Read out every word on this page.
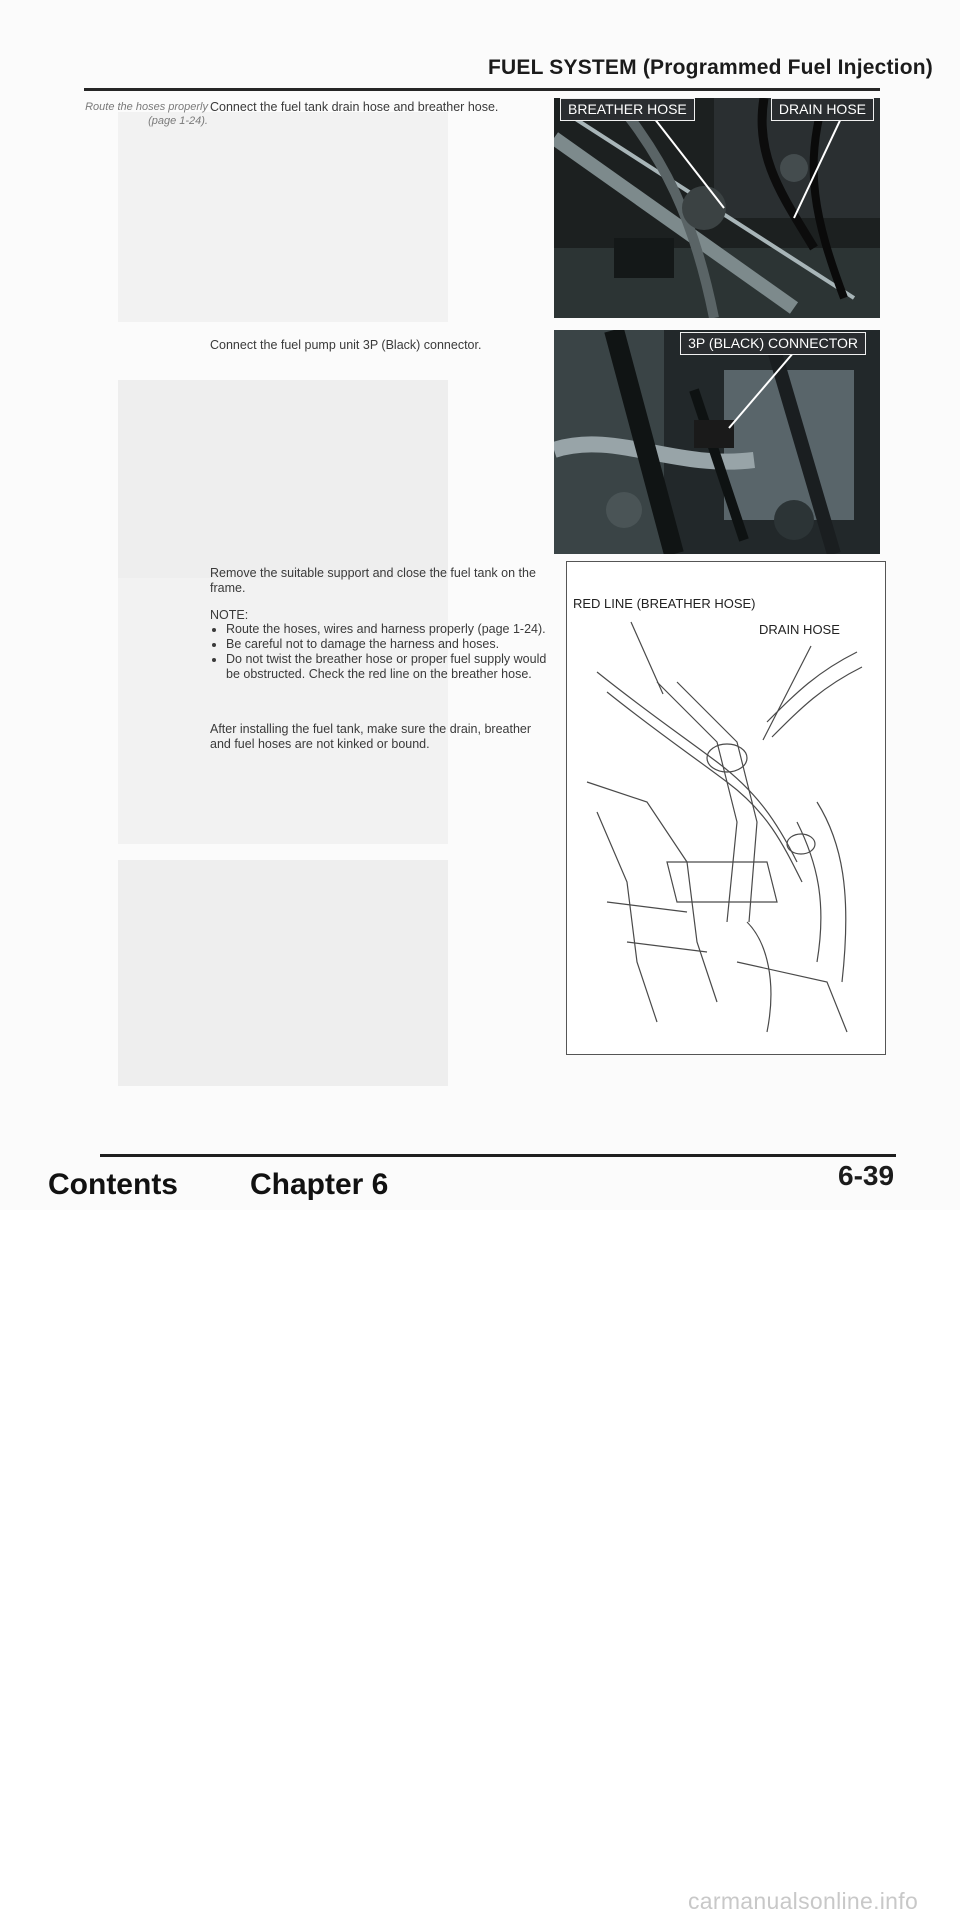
FUEL SYSTEM (Programmed Fuel Injection)
Route the hoses properly (page 1-24).
Connect the fuel tank drain hose and breather hose.
Connect the fuel pump unit 3P (Black) connector.
BREATHER HOSE	DRAIN HOSE
3P (BLACK) CONNECTOR
Remove the suitable support and close the fuel tank on the frame.
NOTE:
• Route the hoses, wires and harness properly (page 1-24).
• Be careful not to damage the harness and hoses.
• Do not twist the breather hose or proper fuel supply would be obstructed. Check the red line on the breather hose.
After installing the fuel tank, make sure the drain, breather and fuel hoses are not kinked or bound.
RED LINE (BREATHER HOSE)
DRAIN HOSE
Contents Chapter 6	6-39
carmanualsonline.info
